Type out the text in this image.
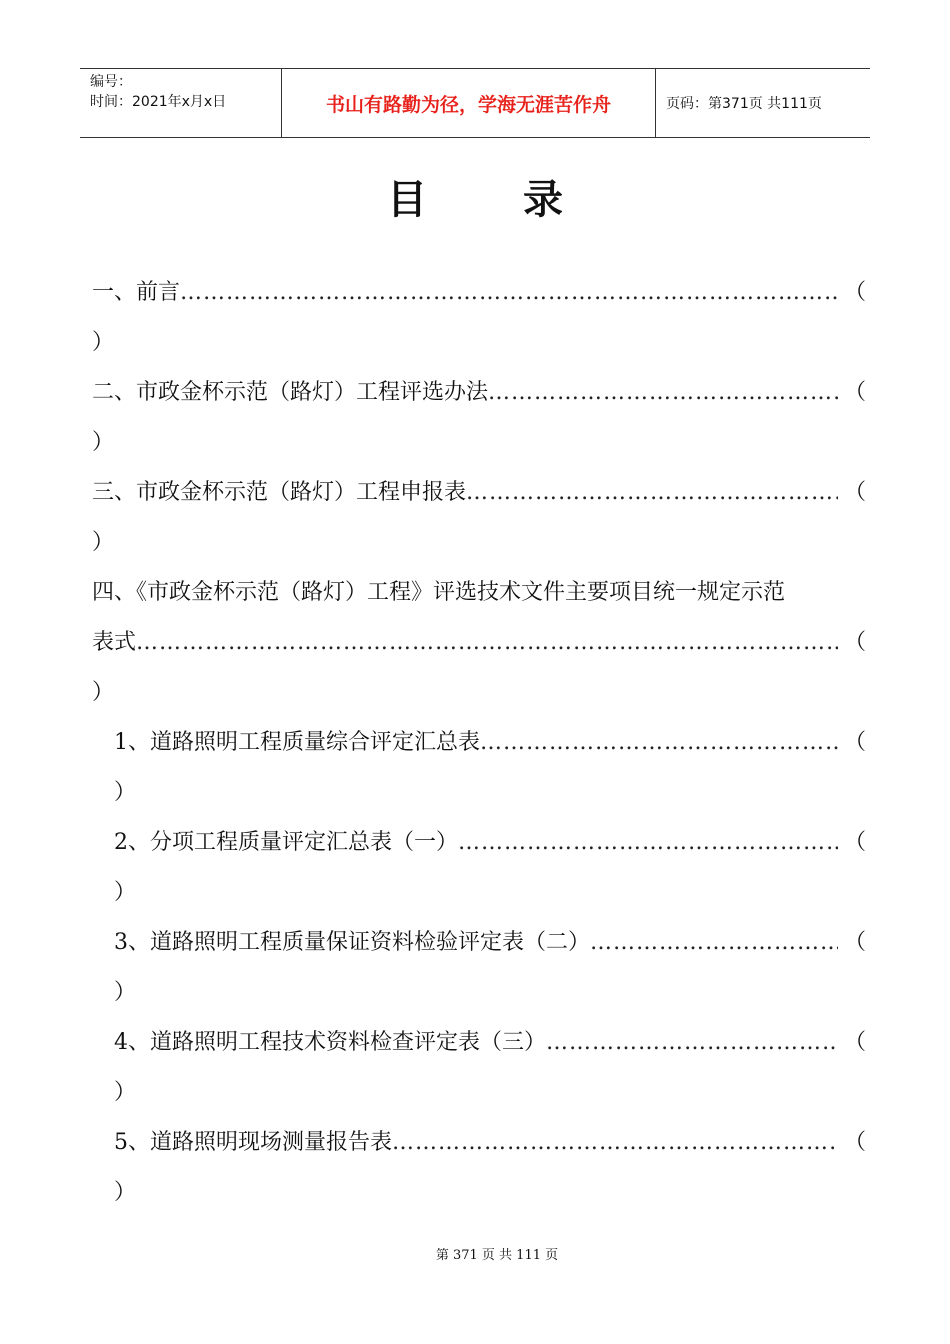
编号：
时间：2021年x月x日	书山有路勤为径，学海无涯苦作舟	页码：第371页 共111页
目录
一、前言 …………………………………………………………………………………………………………………………………………	（
）
二、市政金杯示范（路灯）工程评选办法 …………………………………………………………………………………………………………………………………………	（
）
三、市政金杯示范（路灯）工程申报表 …………………………………………………………………………………………………………………………………………	（
）
四、《市政金杯示范（路灯）工程》评选技术文件主要项目统一规定示范
表式 …………………………………………………………………………………………………………………………………………	（
）
1、道路照明工程质量综合评定汇总表 …………………………………………………………………………………………………………………………………………	（
）
2、分项工程质量评定汇总表（一） …………………………………………………………………………………………………………………………………………	（
）
3、道路照明工程质量保证资料检验评定表（二） …………………………………………………………………………………………………………………………………………	（
）
4、道路照明工程技术资料检查评定表（三） …………………………………………………………………………………………………………………………………………	（
）
5、道路照明现场测量报告表 …………………………………………………………………………………………………………………………………………	（
）
第 371 页 共 111 页
